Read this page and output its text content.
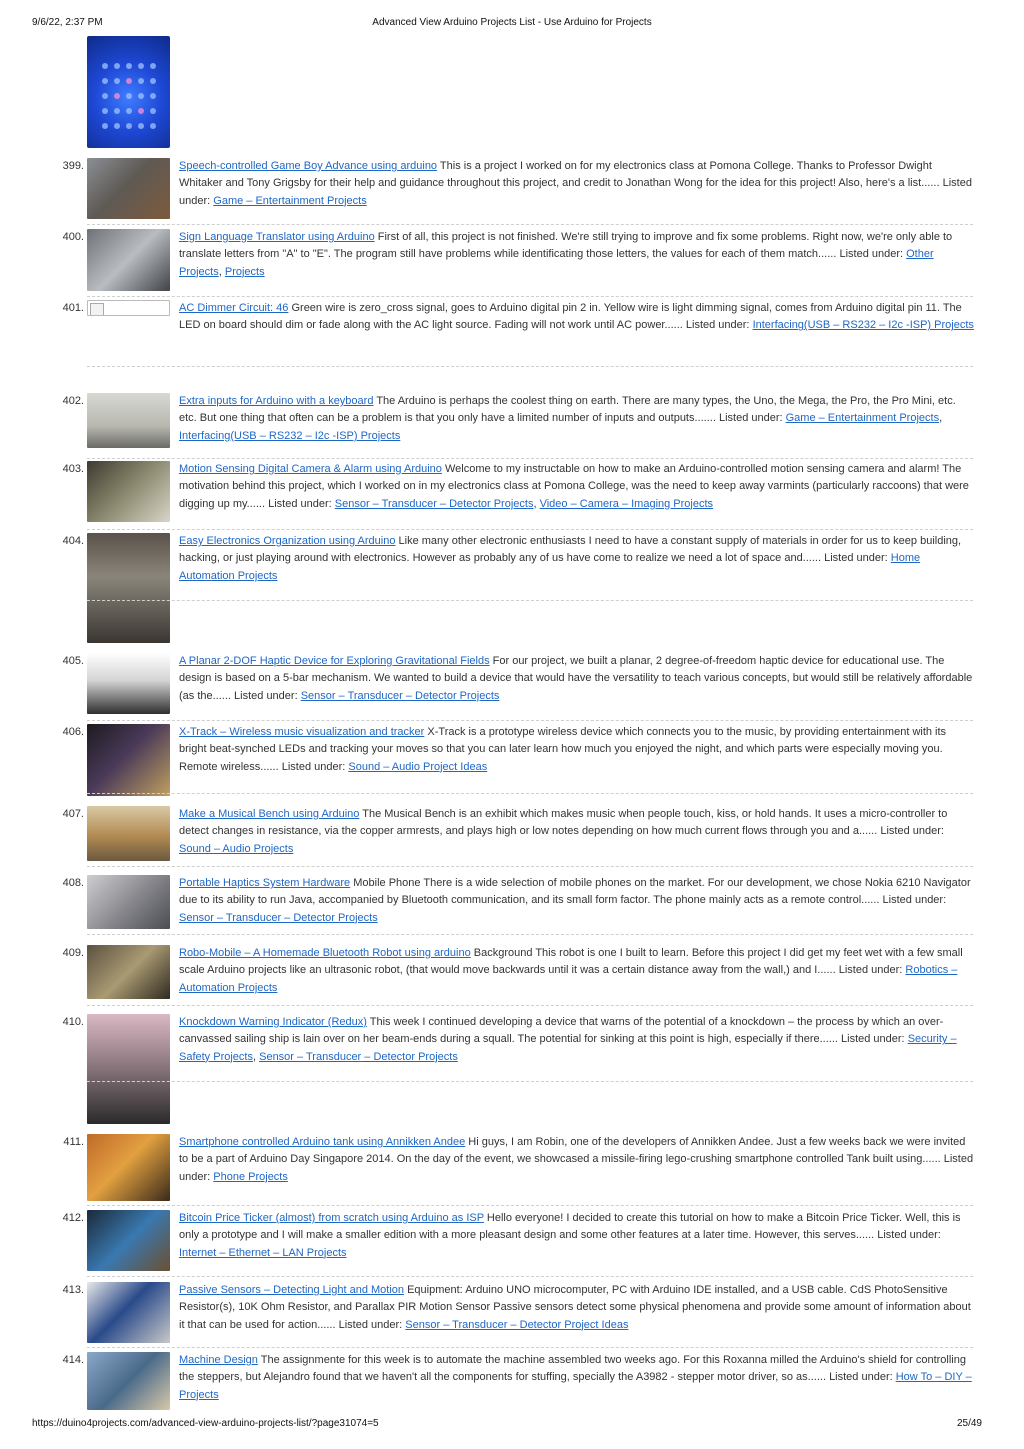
9/6/22, 2:37 PM	Advanced View Arduino Projects List - Use Arduino for Projects
399.	Speech-controlled Game Boy Advance using arduino This is a project I worked on for my electronics class at Pomona College. Thanks to Professor Dwight Whitaker and Tony Grigsby for their help and guidance throughout this project, and credit to Jonathan Wong for the idea for this project! Also, here's a list...... Listed under: Game – Entertainment Projects
400.	Sign Language Translator using Arduino First of all, this project is not finished. We're still trying to improve and fix some problems. Right now, we're only able to translate letters from "A" to "E". The program still have problems while identificating those letters, the values for each of them match...... Listed under: Other Projects, Projects
401.	AC Dimmer Circuit: 46 Green wire is zero_cross signal, goes to Arduino digital pin 2 in. Yellow wire is light dimming signal, comes from Arduino digital pin 11. The LED on board should dim or fade along with the AC light source. Fading will not work until AC power...... Listed under: Interfacing(USB – RS232 – I2c -ISP) Projects
402.	Extra inputs for Arduino with a keyboard The Arduino is perhaps the coolest thing on earth. There are many types, the Uno, the Mega, the Pro, the Pro Mini, etc. etc. But one thing that often can be a problem is that you only have a limited number of inputs and outputs....... Listed under: Game – Entertainment Projects, Interfacing(USB – RS232 – I2c -ISP) Projects
403.	Motion Sensing Digital Camera & Alarm using Arduino Welcome to my instructable on how to make an Arduino-controlled motion sensing camera and alarm! The motivation behind this project, which I worked on in my electronics class at Pomona College, was the need to keep away varmints (particularly raccoons) that were digging up my...... Listed under: Sensor – Transducer – Detector Projects, Video – Camera – Imaging Projects
404.	Easy Electronics Organization using Arduino Like many other electronic enthusiasts I need to have a constant supply of materials in order for us to keep building, hacking, or just playing around with electronics. However as probably any of us have come to realize we need a lot of space and...... Listed under: Home Automation Projects
405.	A Planar 2-DOF Haptic Device for Exploring Gravitational Fields For our project, we built a planar, 2 degree-of-freedom haptic device for educational use. The design is based on a 5-bar mechanism. We wanted to build a device that would have the versatility to teach various concepts, but would still be relatively affordable (as the...... Listed under: Sensor – Transducer – Detector Projects
406.	X-Track – Wireless music visualization and tracker X-Track is a prototype wireless device which connects you to the music, by providing entertainment with its bright beat-synched LEDs and tracking your moves so that you can later learn how much you enjoyed the night, and which parts were especially moving you. Remote wireless...... Listed under: Sound – Audio Project Ideas
407.	Make a Musical Bench using Arduino The Musical Bench is an exhibit which makes music when people touch, kiss, or hold hands. It uses a micro-controller to detect changes in resistance, via the copper armrests, and plays high or low notes depending on how much current flows through you and a...... Listed under: Sound – Audio Projects
408.	Portable Haptics System Hardware Mobile Phone There is a wide selection of mobile phones on the market. For our development, we chose Nokia 6210 Navigator due to its ability to run Java, accompanied by Bluetooth communication, and its small form factor. The phone mainly acts as a remote control...... Listed under: Sensor – Transducer – Detector Projects
409.	Robo-Mobile – A Homemade Bluetooth Robot using arduino Background This robot is one I built to learn. Before this project I did get my feet wet with a few small scale Arduino projects like an ultrasonic robot, (that would move backwards until it was a certain distance away from the wall,) and I...... Listed under: Robotics – Automation Projects
410.	Knockdown Warning Indicator (Redux) This week I continued developing a device that warns of the potential of a knockdown – the process by which an over-canvassed sailing ship is lain over on her beam-ends during a squall. The potential for sinking at this point is high, especially if there...... Listed under: Security – Safety Projects, Sensor – Transducer – Detector Projects
411.	Smartphone controlled Arduino tank using Annikken Andee Hi guys, I am Robin, one of the developers of Annikken Andee. Just a few weeks back we were invited to be a part of Arduino Day Singapore 2014. On the day of the event, we showcased a missile-firing lego-crushing smartphone controlled Tank built using...... Listed under: Phone Projects
412.	Bitcoin Price Ticker (almost) from scratch using Arduino as ISP Hello everyone! I decided to create this tutorial on how to make a Bitcoin Price Ticker. Well, this is only a prototype and I will make a smaller edition with a more pleasant design and some other features at a later time. However, this serves...... Listed under: Internet – Ethernet – LAN Projects
413.	Passive Sensors – Detecting Light and Motion Equipment: Arduino UNO microcomputer, PC with Arduino IDE installed, and a USB cable. CdS PhotoSensitive Resistor(s), 10K Ohm Resistor, and Parallax PIR Motion Sensor Passive sensors detect some physical phenomena and provide some amount of information about it that can be used for action...... Listed under: Sensor – Transducer – Detector Project Ideas
414.	Machine Design The assignmente for this week is to automate the machine assembled two weeks ago. For this Roxanna milled the Arduino's shield for controlling the steppers, but Alejandro found that we haven't all the components for stuffing, specially the A3982 - stepper motor driver, so as...... Listed under: How To – DIY – Projects
https://duino4projects.com/advanced-view-arduino-projects-list/?page31074=5	25/49
